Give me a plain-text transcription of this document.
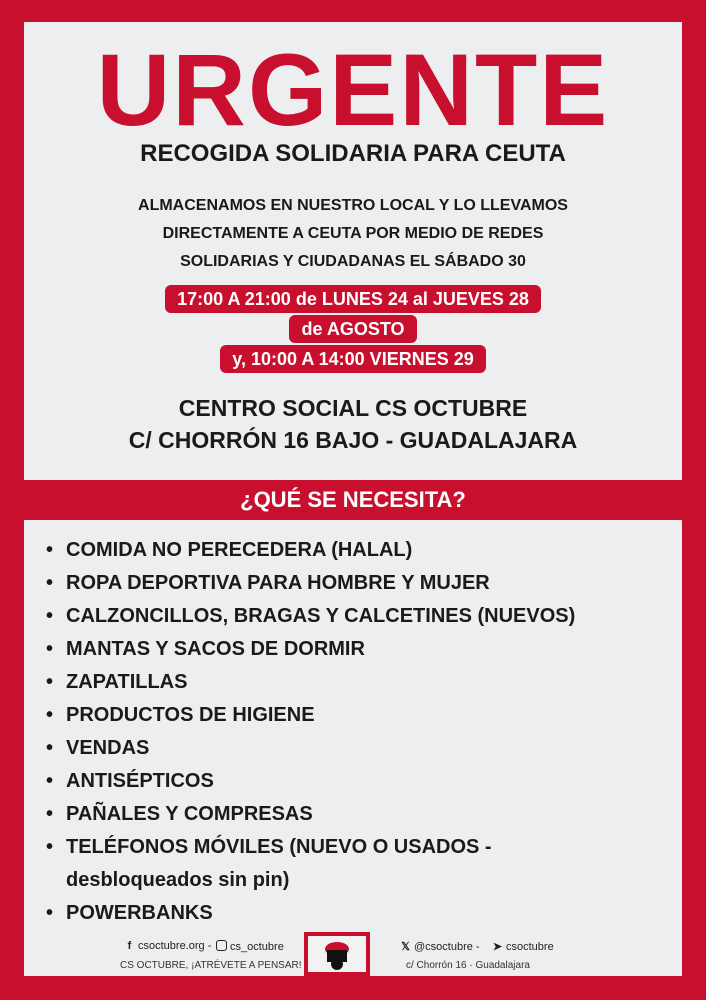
URGENTE
RECOGIDA SOLIDARIA PARA CEUTA
ALMACENAMOS EN NUESTRO LOCAL Y LO LLEVAMOS
DIRECTAMENTE A CEUTA POR MEDIO DE REDES
SOLIDARIAS Y CIUDADANAS EL SÁBADO 30
17:00 A 21:00 de LUNES 24 al JUEVES 28
de AGOSTO
y, 10:00 A 14:00 VIERNES 29
CENTRO SOCIAL CS OCTUBRE
C/ CHORRÓN 16 BAJO - GUADALAJARA
¿QUÉ SE NECESITA?
• COMIDA NO PERECEDERA (HALAL)
• ROPA DEPORTIVA PARA HOMBRE Y MUJER
• CALZONCILLOS, BRAGAS Y CALCETINES (NUEVOS)
• MANTAS Y SACOS DE DORMIR
• ZAPATILLAS
• PRODUCTOS DE HIGIENE
• VENDAS
• ANTISÉPTICOS
• PAÑALES Y COMPRESAS
• TELÉFONOS MÓVILES (NUEVO O USADOS -
desbloqueados sin pin)
• POWERBANKS
f csoctubre.org -	cs_octubre	𝕏 @csoctubre - ➤ csoctubre
CS OCTUBRE, ¡ATRÉVETE A PENSAR!	c/ Chorrón 16 · Guadalajara
